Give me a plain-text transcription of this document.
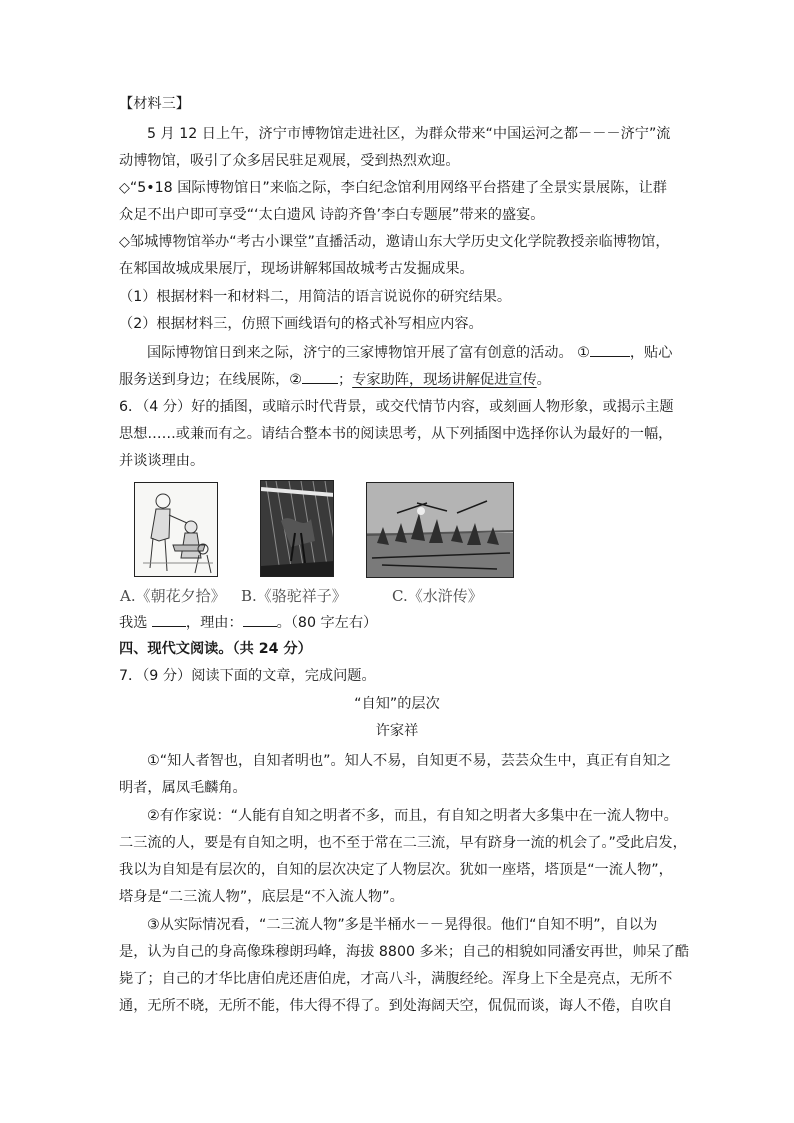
【材料三】
5 月 12 日上午，济宁市博物馆走进社区，为群众带来“中国运河之都－－－济宁”流
动博物馆，吸引了众多居民驻足观展，受到热烈欢迎。
◇“5•18 国际博物馆日”来临之际，李白纪念馆利用网络平台搭建了全景实景展陈，让群
众足不出户即可享受“‘太白遗风 诗韵齐鲁’李白专题展”带来的盛宴。
◇邹城博物馆举办“考古小课堂”直播活动，邀请山东大学历史文化学院教授亲临博物馆，
在邾国故城成果展厅，现场讲解邾国故城考古发掘成果。
（1）根据材料一和材料二，用简洁的语言说说你的研究结果。
（2）根据材料三，仿照下画线语句的格式补写相应内容。
国际博物馆日到来之际，济宁的三家博物馆开展了富有创意的活动。 ①	，贴心
服务送到身边；在线展陈，②	；专家助阵，现场讲解促进宣传。
6．（4 分）好的插图，或暗示时代背景，或交代情节内容，或刻画人物形象，或揭示主题
思想……或兼而有之。请结合整本书的阅读思考，从下列插图中选择你认为最好的一幅，
并谈谈理由。
A.《朝花夕拾》 B.《骆驼祥子》	C.《水浒传》
我选 ，理由： 。（80 字左右）
四、现代文阅读。（共 24 分）
7．（9 分）阅读下面的文章，完成问题。
“自知”的层次
许家祥
①“知人者智也，自知者明也”。知人不易，自知更不易，芸芸众生中，真正有自知之
明者，属凤毛麟角。
②有作家说：“人能有自知之明者不多，而且，有自知之明者大多集中在一流人物中。
二三流的人，要是有自知之明，也不至于常在二三流，早有跻身一流的机会了。”受此启发，
我以为自知是有层次的，自知的层次决定了人物层次。犹如一座塔，塔顶是“一流人物”，
塔身是“二三流人物”，底层是“不入流人物”。
③从实际情况看，“二三流人物”多是半桶水－－晃得很。他们“自知不明”，自以为
是，认为自己的身高像珠穆朗玛峰，海拔 8800 多米；自己的相貌如同潘安再世，帅呆了酷
毙了；自己的才华比唐伯虎还唐伯虎，才高八斗，满腹经纶。浑身上下全是亮点，无所不
通，无所不晓，无所不能，伟大得不得了。到处海阔天空，侃侃而谈，诲人不倦，自吹自
